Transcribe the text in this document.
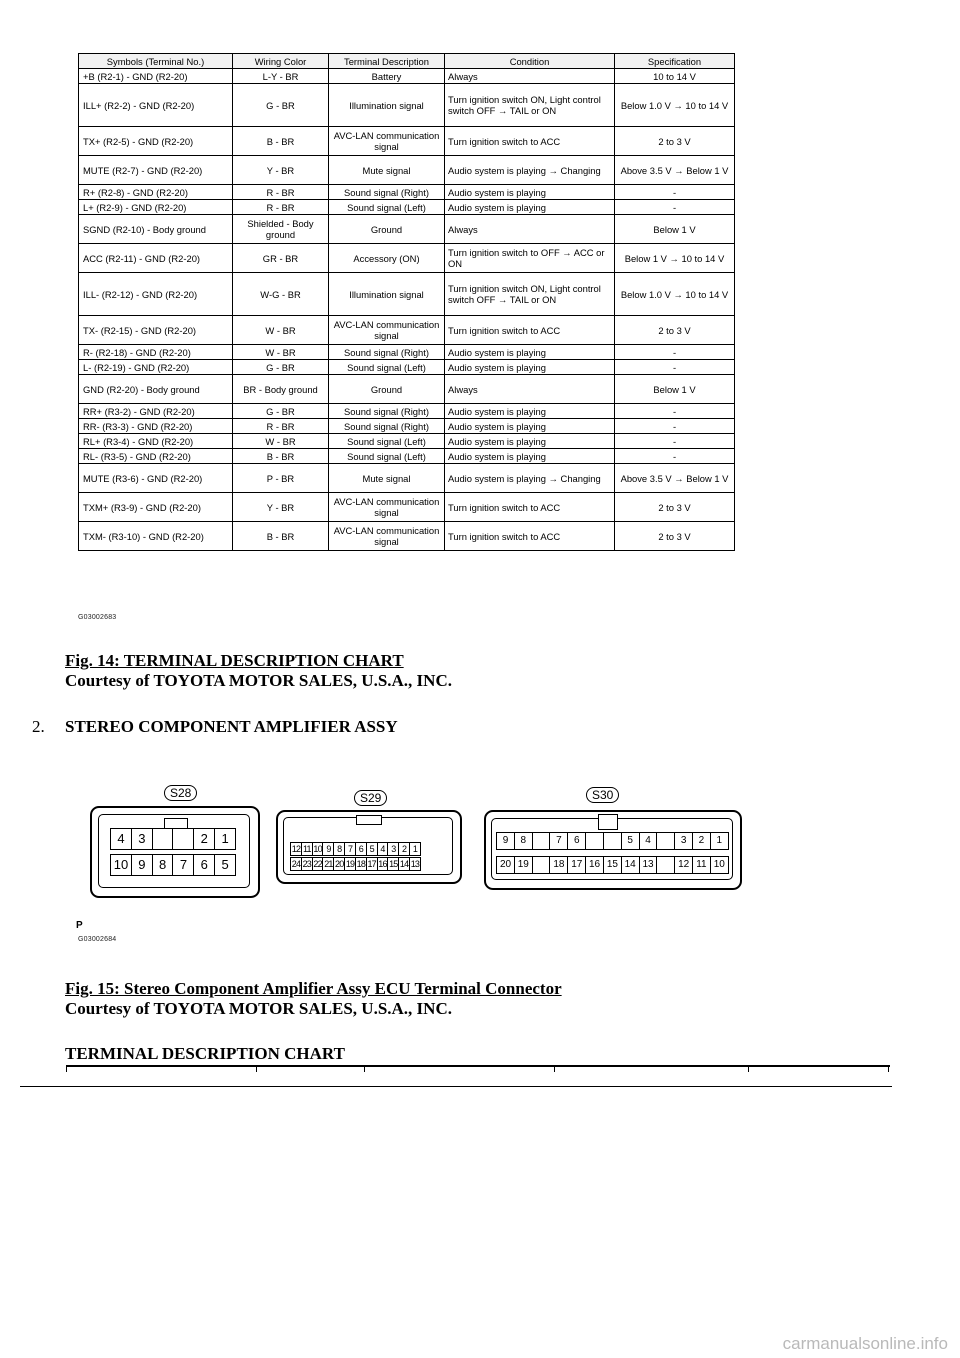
Symbols (Terminal No.)	Wiring Color	Terminal Description	Condition	Specification
+B (R2-1) - GND (R2-20)	L-Y - BR	Battery	Always	10 to 14 V
ILL+ (R2-2) - GND (R2-20)	G - BR	Illumination signal	Turn ignition switch ON, Light control switch OFF → TAIL or ON	Below 1.0 V → 10 to 14 V
TX+ (R2-5) - GND (R2-20)	B - BR	AVC-LAN communication signal	Turn ignition switch to ACC	2 to 3 V
MUTE (R2-7) - GND (R2-20)	Y - BR	Mute signal	Audio system is playing → Changing	Above 3.5 V → Below 1 V
R+ (R2-8) - GND (R2-20)	R - BR	Sound signal (Right)	Audio system is playing	-
L+ (R2-9) - GND (R2-20)	R - BR	Sound signal (Left)	Audio system is playing	-
SGND (R2-10) - Body ground	Shielded - Body ground	Ground	Always	Below 1 V
ACC (R2-11) - GND (R2-20)	GR - BR	Accessory (ON)	Turn ignition switch to OFF → ACC or ON	Below 1 V → 10 to 14 V
ILL- (R2-12) - GND (R2-20)	W-G - BR	Illumination signal	Turn ignition switch ON, Light control switch OFF → TAIL or ON	Below 1.0 V → 10 to 14 V
TX- (R2-15) - GND (R2-20)	W - BR	AVC-LAN communication signal	Turn ignition switch to ACC	2 to 3 V
R- (R2-18) - GND (R2-20)	W - BR	Sound signal (Right)	Audio system is playing	-
L- (R2-19) - GND (R2-20)	G - BR	Sound signal (Left)	Audio system is playing	-
GND (R2-20) - Body ground	BR - Body ground	Ground	Always	Below 1 V
RR+ (R3-2) - GND (R2-20)	G - BR	Sound signal (Right)	Audio system is playing	-
RR- (R3-3) - GND (R2-20)	R - BR	Sound signal (Right)	Audio system is playing	-
RL+ (R3-4) - GND (R2-20)	W - BR	Sound signal (Left)	Audio system is playing	-
RL- (R3-5) - GND (R2-20)	B - BR	Sound signal (Left)	Audio system is playing	-
MUTE (R3-6) - GND (R2-20)	P - BR	Mute signal	Audio system is playing → Changing	Above 3.5 V → Below 1 V
TXM+ (R3-9) - GND (R2-20)	Y - BR	AVC-LAN communication signal	Turn ignition switch to ACC	2 to 3 V
TXM- (R3-10) - GND (R2-20)	B - BR	AVC-LAN communication signal	Turn ignition switch to ACC	2 to 3 V
G03002683
Fig. 14: TERMINAL DESCRIPTION CHART
Courtesy of TOYOTA MOTOR SALES, U.S.A., INC.
2. STEREO COMPONENT AMPLIFIER ASSY
S28
4	3	2	1
10 9	8	7	6	5
S29
12 11 10 9 8 7 6 5 4 3 2 1
24 23 22 21 20 19 18 17 16 15 14 13
S30
9	8	7	6	5	4	3	2	1
20 19	18 17 16 15 14 13	12 11 10
P
G03002684
Fig. 15: Stereo Component Amplifier Assy ECU Terminal Connector
Courtesy of TOYOTA MOTOR SALES, U.S.A., INC.
TERMINAL DESCRIPTION CHART
carmanualsonline.info
